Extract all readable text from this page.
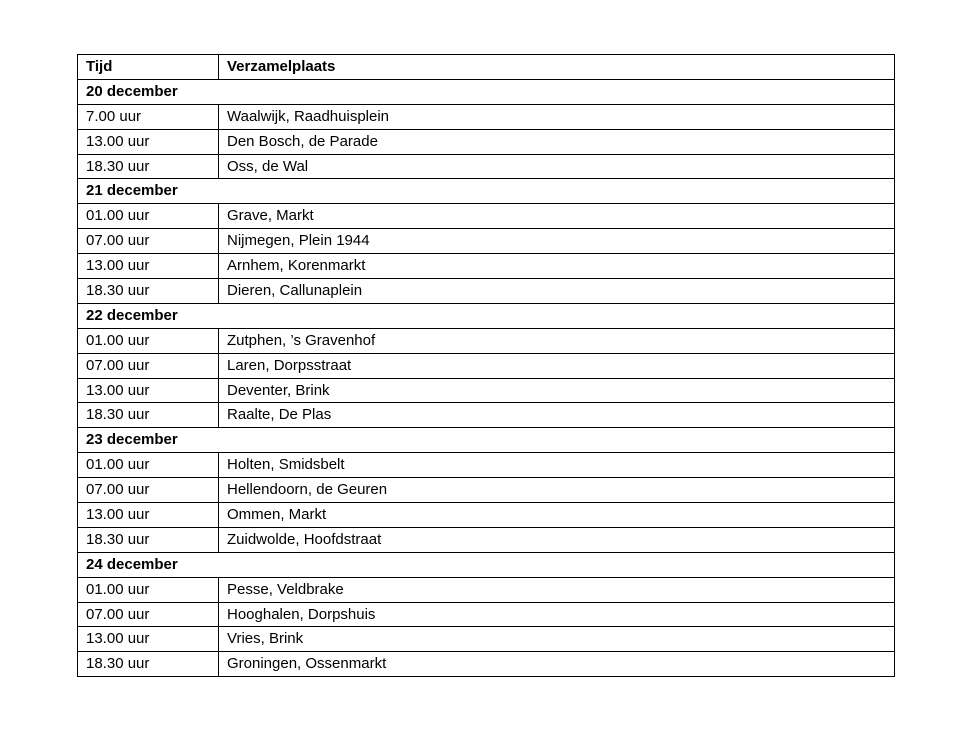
Tijd	Verzamelplaats
20 december	
7.00 uur	Waalwijk, Raadhuisplein
13.00 uur	Den Bosch, de Parade
18.30 uur	Oss, de Wal
21 december	
01.00 uur	Grave, Markt
07.00 uur	Nijmegen, Plein 1944
13.00 uur	Arnhem, Korenmarkt
18.30 uur	Dieren, Callunaplein
22 december	
01.00 uur	Zutphen, ’s Gravenhof
07.00 uur	Laren, Dorpsstraat
13.00 uur	Deventer, Brink
18.30 uur	Raalte, De Plas
23 december	
01.00 uur	Holten, Smidsbelt
07.00 uur	Hellendoorn, de Geuren
13.00 uur	Ommen, Markt
18.30 uur	Zuidwolde, Hoofdstraat
24 december	
01.00 uur	Pesse, Veldbrake
07.00 uur	Hooghalen, Dorpshuis
13.00 uur	Vries, Brink
18.30 uur	Groningen, Ossenmarkt
